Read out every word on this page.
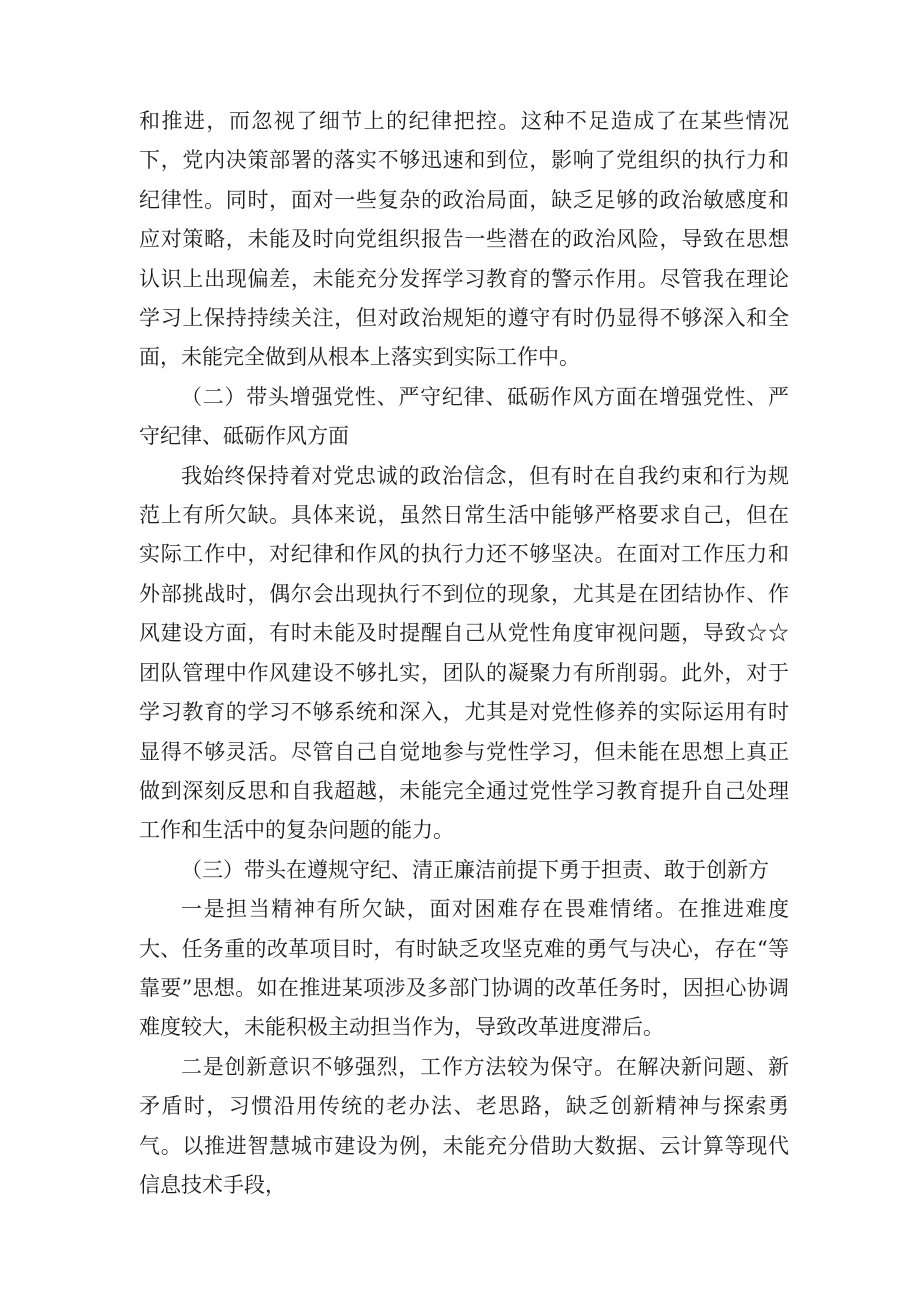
和推进，而忽视了细节上的纪律把控。这种不足造成了在某些情况下，党内决策部署的落实不够迅速和到位，影响了党组织的执行力和纪律性。同时，面对一些复杂的政治局面，缺乏足够的政治敏感度和应对策略，未能及时向党组织报告一些潜在的政治风险，导致在思想认识上出现偏差，未能充分发挥学习教育的警示作用。尽管我在理论学习上保持持续关注，但对政治规矩的遵守有时仍显得不够深入和全面，未能完全做到从根本上落实到实际工作中。

（二）带头增强党性、严守纪律、砥砺作风方面在增强党性、严守纪律、砥砺作风方面

我始终保持着对党忠诚的政治信念，但有时在自我约束和行为规范上有所欠缺。具体来说，虽然日常生活中能够严格要求自己，但在实际工作中，对纪律和作风的执行力还不够坚决。在面对工作压力和外部挑战时，偶尔会出现执行不到位的现象，尤其是在团结协作、作风建设方面，有时未能及时提醒自己从党性角度审视问题，导致☆☆团队管理中作风建设不够扎实，团队的凝聚力有所削弱。此外，对于学习教育的学习不够系统和深入，尤其是对党性修养的实际运用有时显得不够灵活。尽管自己自觉地参与党性学习，但未能在思想上真正做到深刻反思和自我超越，未能完全通过党性学习教育提升自己处理工作和生活中的复杂问题的能力。

（三）带头在遵规守纪、清正廉洁前提下勇于担责、敢于创新方

一是担当精神有所欠缺，面对困难存在畏难情绪。在推进难度大、任务重的改革项目时，有时缺乏攻坚克难的勇气与决心，存在“等靠要”思想。如在推进某项涉及多部门协调的改革任务时，因担心协调难度较大，未能积极主动担当作为，导致改革进度滞后。

二是创新意识不够强烈，工作方法较为保守。在解决新问题、新矛盾时，习惯沿用传统的老办法、老思路，缺乏创新精神与探索勇气。以推进智慧城市建设为例，未能充分借助大数据、云计算等现代信息技术手段，
